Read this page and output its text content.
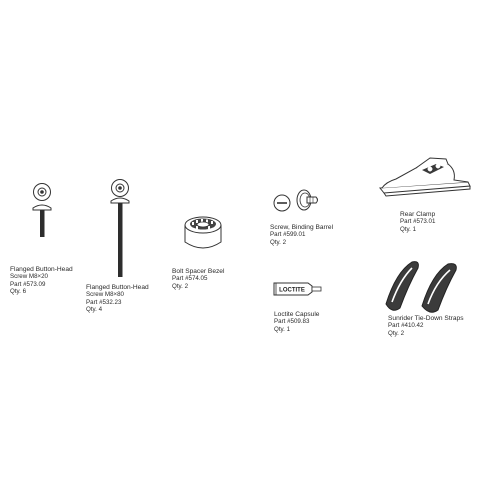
Flanged Button-Head
Screw M8×20
Part #573.09
Qty. 6
Flanged Button-Head
Screw M8×80
Part #532.23
Qty. 4
Bolt Spacer Bezel
Part #574.05
Qty. 2
Screw, Binding Barrel
Part #599.01
Qty. 2
LOCTITE
Loctite Capsule
Part #509.83
Qty. 1
Rear Clamp
Part #573.01
Qty. 1
Sunrider Tie-Down Straps
Part #410.42
Qty. 2
